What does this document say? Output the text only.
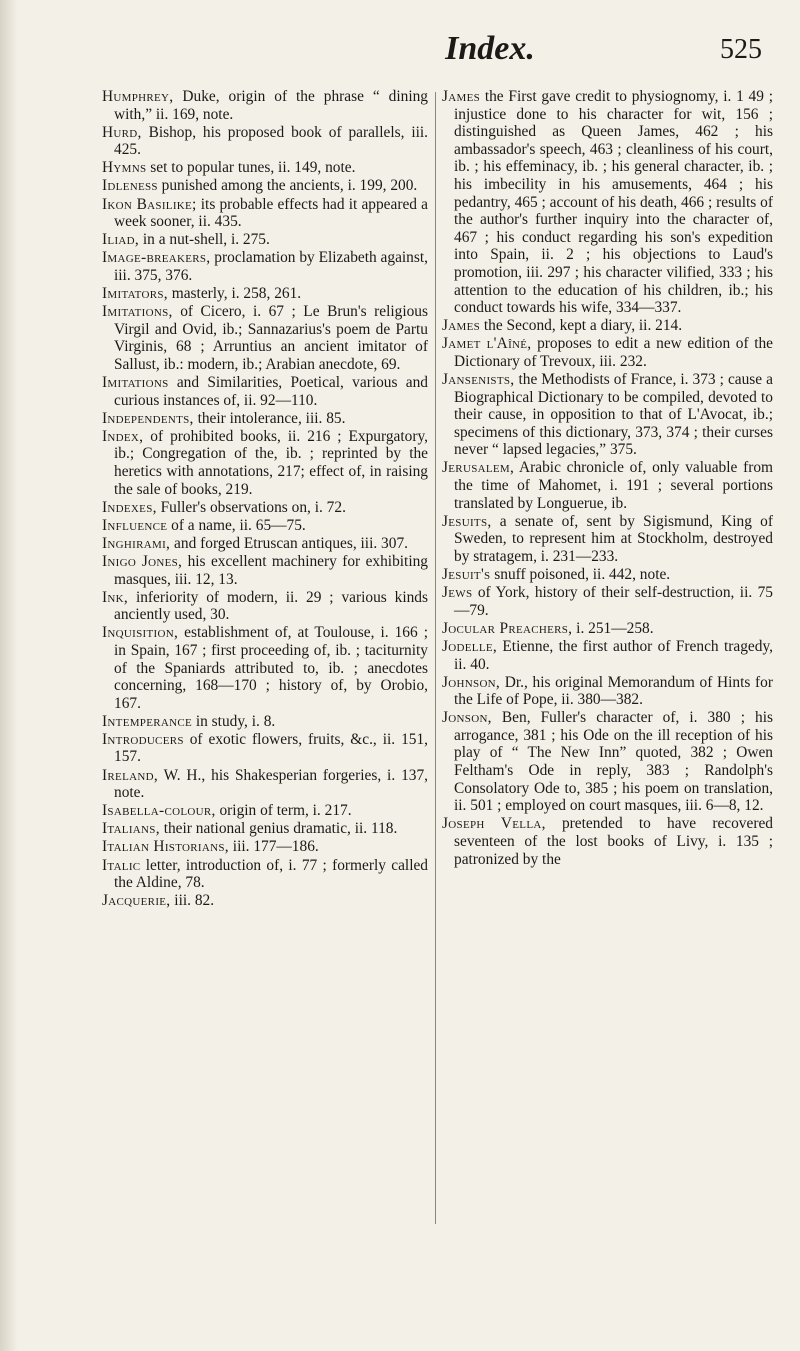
Index.	525

Humphrey, Duke, origin of the phrase “ dining with,” ii. 169, note.

Hurd, Bishop, his proposed book of parallels, iii. 425.

Hymns set to popular tunes, ii. 149, note.

Idleness punished among the ancients, i. 199, 200.

Ikon Basilike; its probable effects had it appeared a week sooner, ii. 435.

Iliad, in a nut-shell, i. 275.

Image-breakers, proclamation by Elizabeth against, iii. 375, 376.

Imitators, masterly, i. 258, 261.

Imitations, of Cicero, i. 67 ; Le Brun's religious Virgil and Ovid, ib.; Sannazarius's poem de Partu Virginis, 68 ; Arruntius an ancient imitator of Sallust, ib.: modern, ib.; Arabian anecdote, 69.

Imitations and Similarities, Poetical, various and curious instances of, ii. 92—110.

Independents, their intolerance, iii. 85.

Index, of prohibited books, ii. 216 ; Expurgatory, ib.; Congregation of the, ib. ; reprinted by the heretics with annotations, 217; effect of, in raising the sale of books, 219.

Indexes, Fuller's observations on, i. 72.

Influence of a name, ii. 65—75.

Inghirami, and forged Etruscan antiques, iii. 307.

Inigo Jones, his excellent machinery for exhibiting masques, iii. 12, 13.

Ink, inferiority of modern, ii. 29 ; various kinds anciently used, 30.

Inquisition, establishment of, at Toulouse, i. 166 ; in Spain, 167 ; first proceeding of, ib. ; taciturnity of the Spaniards attributed to, ib. ; anecdotes concerning, 168—170 ; history of, by Orobio, 167.

Intemperance in study, i. 8.

Introducers of exotic flowers, fruits, &c., ii. 151, 157.

Ireland, W. H., his Shakesperian forgeries, i. 137, note.

Isabella-colour, origin of term, i. 217.

Italians, their national genius dramatic, ii. 118.

Italian Historians, iii. 177—186.

Italic letter, introduction of, i. 77 ; formerly called the Aldine, 78.

Jacquerie, iii. 82.

James the First gave credit to physiognomy, i. 1 49 ; injustice done to his character for wit, 156 ; distinguished as Queen James, 462 ; his ambassador's speech, 463 ; cleanliness of his court, ib. ; his effeminacy, ib. ; his general character, ib. ; his imbecility in his amusements, 464 ; his pedantry, 465 ; account of his death, 466 ; results of the author's further inquiry into the character of, 467 ; his conduct regarding his son's expedition into Spain, ii. 2 ; his objections to Laud's promotion, iii. 297 ; his character vilified, 333 ; his attention to the education of his children, ib.; his conduct towards his wife, 334—337.

James the Second, kept a diary, ii. 214.

Jamet l'Aîné, proposes to edit a new edition of the Dictionary of Trevoux, iii. 232.

Jansenists, the Methodists of France, i. 373 ; cause a Biographical Dictionary to be compiled, devoted to their cause, in opposition to that of L'Avocat, ib.; specimens of this dictionary, 373, 374 ; their curses never “ lapsed legacies,” 375.

Jerusalem, Arabic chronicle of, only valuable from the time of Mahomet, i. 191 ; several portions translated by Longuerue, ib.

Jesuits, a senate of, sent by Sigismund, King of Sweden, to represent him at Stockholm, destroyed by stratagem, i. 231—233.

Jesuit's snuff poisoned, ii. 442, note.

Jews of York, history of their self-destruction, ii. 75—79.

Jocular Preachers, i. 251—258.

Jodelle, Etienne, the first author of French tragedy, ii. 40.

Johnson, Dr., his original Memorandum of Hints for the Life of Pope, ii. 380—382.

Jonson, Ben, Fuller's character of, i. 380 ; his arrogance, 381 ; his Ode on the ill reception of his play of “ The New Inn” quoted, 382 ; Owen Feltham's Ode in reply, 383 ; Randolph's Consolatory Ode to, 385 ; his poem on translation, ii. 501 ; employed on court masques, iii. 6—8, 12.

Joseph Vella, pretended to have recovered seventeen of the lost books of Livy, i. 135 ; patronized by the
